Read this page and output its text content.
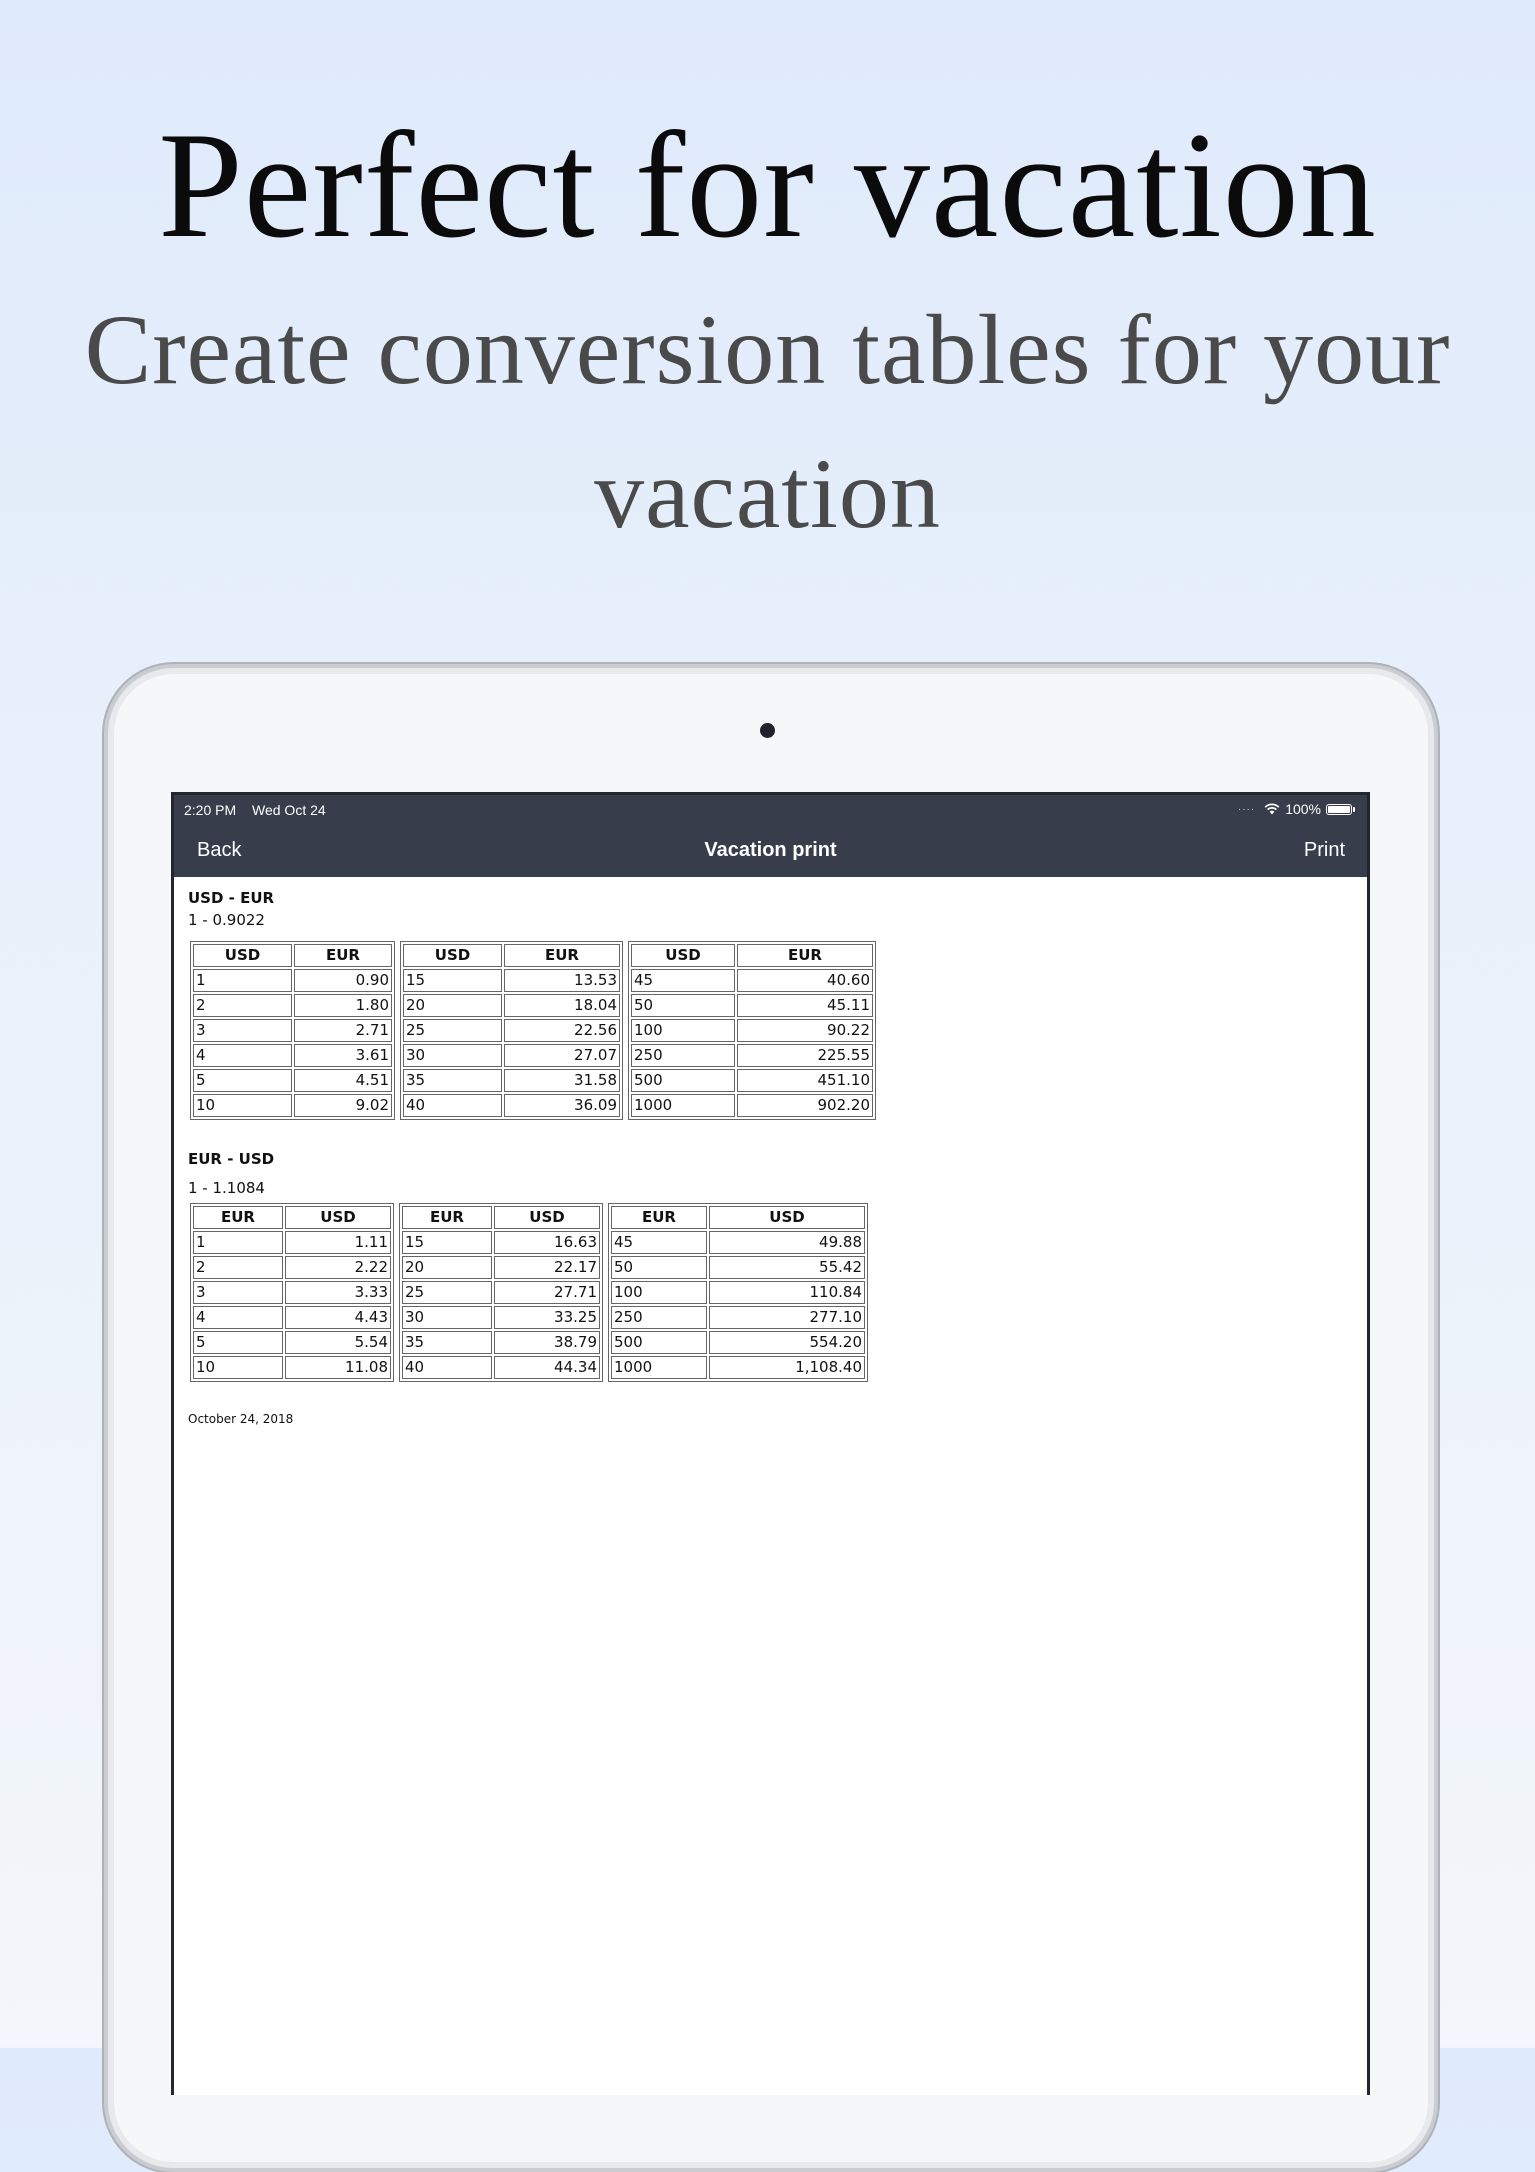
Perfect for vacation
Create conversion tables for your vacation
2:20 PM Wed Oct 24	···· 100%
Back	Vacation print	Print
USD - EUR
1 - 0.9022
USD	EUR
1	0.90
2	1.80
3	2.71
4	3.61
5	4.51
10	9.02
USD	EUR
15	13.53
20	18.04
25	22.56
30	27.07
35	31.58
40	36.09
USD	EUR
45	40.60
50	45.11
100	90.22
250	225.55
500	451.10
1000	902.20
EUR - USD
1 - 1.1084
EUR	USD
1	1.11
2	2.22
3	3.33
4	4.43
5	5.54
10	11.08
EUR	USD
15	16.63
20	22.17
25	27.71
30	33.25
35	38.79
40	44.34
EUR	USD
45	49.88
50	55.42
100	110.84
250	277.10
500	554.20
1000	1,108.40
October 24, 2018
